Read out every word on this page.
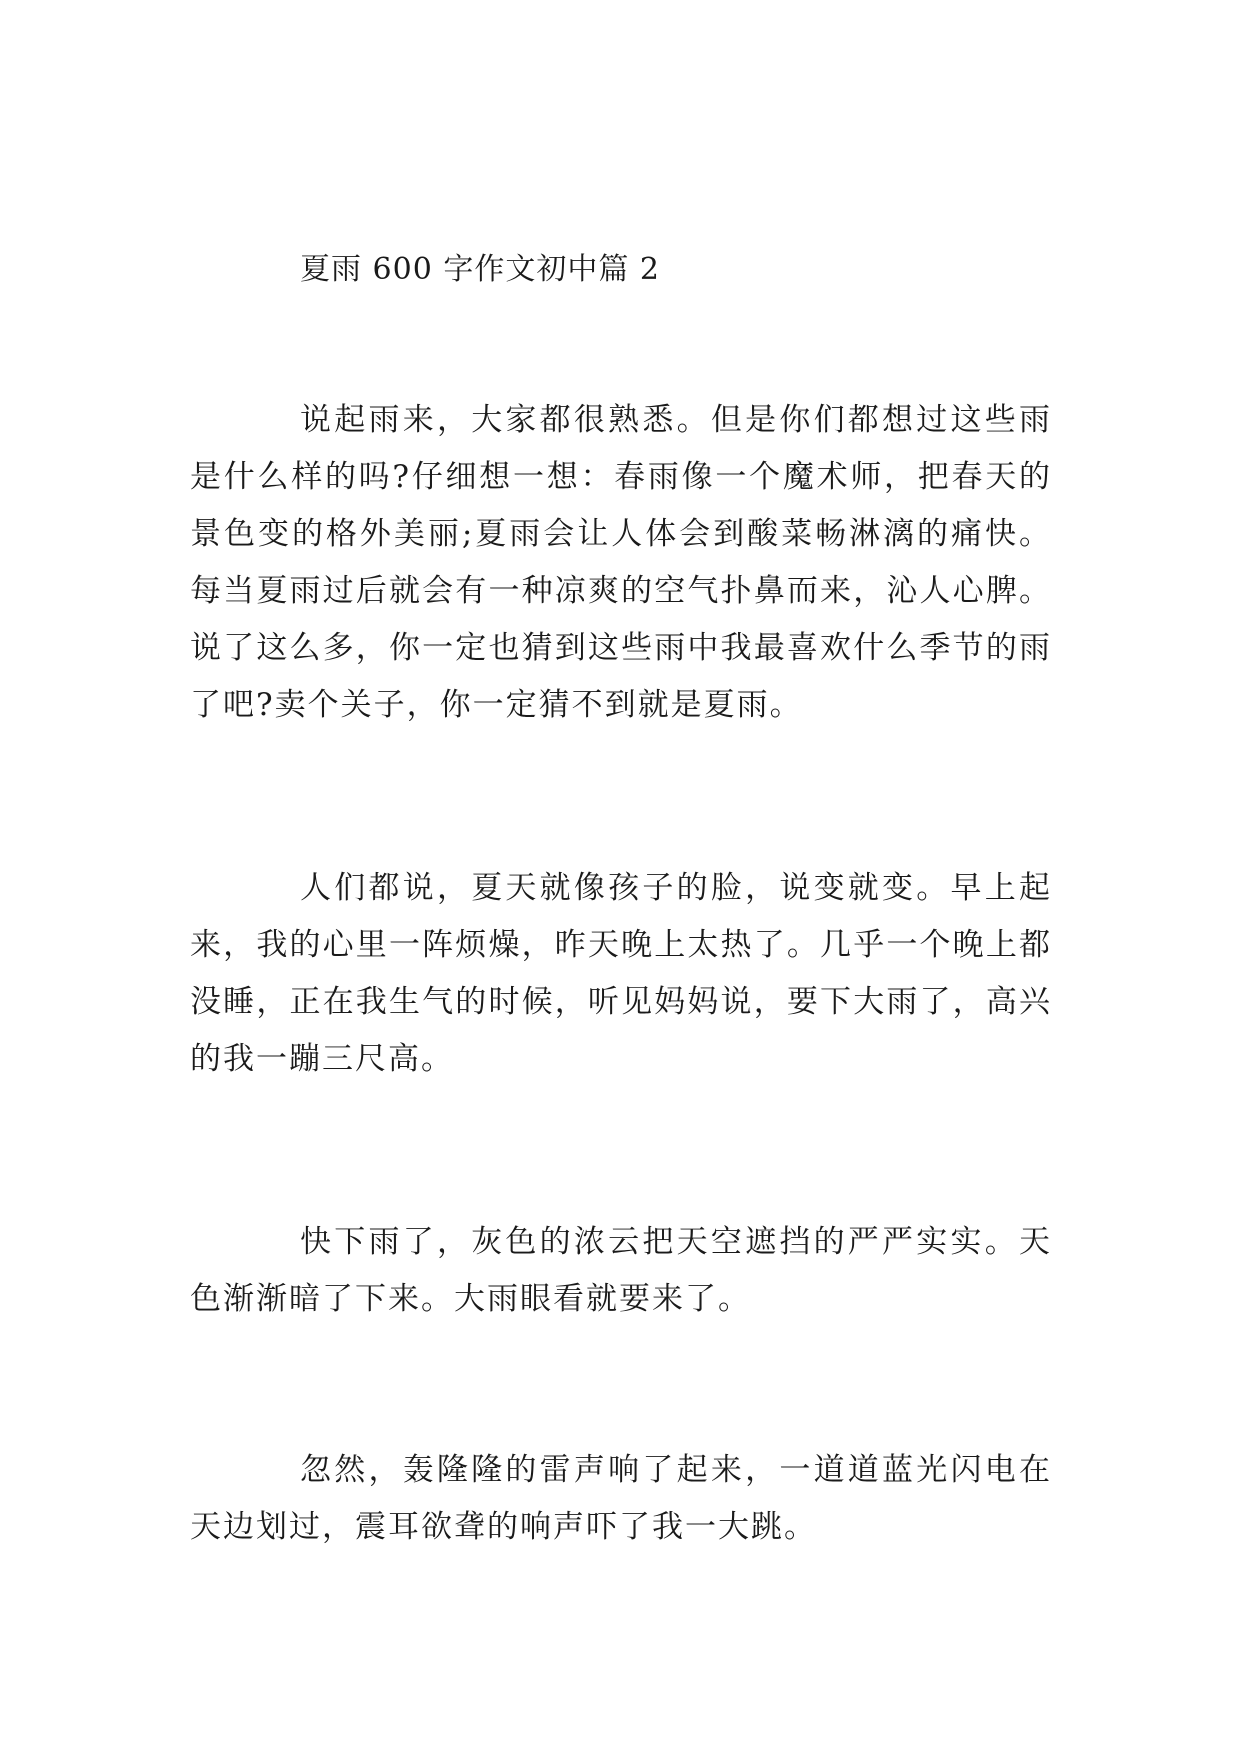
夏雨 600 字作文初中篇 2

说起雨来，大家都很熟悉。但是你们都想过这些雨是什么样的吗?仔细想一想：春雨像一个魔术师，把春天的景色变的格外美丽;夏雨会让人体会到酸菜畅淋漓的痛快。每当夏雨过后就会有一种凉爽的空气扑鼻而来，沁人心脾。说了这么多，你一定也猜到这些雨中我最喜欢什么季节的雨了吧?卖个关子，你一定猜不到就是夏雨。

人们都说，夏天就像孩子的脸，说变就变。早上起来，我的心里一阵烦燥，昨天晚上太热了。几乎一个晚上都没睡，正在我生气的时候，听见妈妈说，要下大雨了，高兴的我一蹦三尺高。

快下雨了，灰色的浓云把天空遮挡的严严实实。天色渐渐暗了下来。大雨眼看就要来了。

忽然，轰隆隆的雷声响了起来，一道道蓝光闪电在天边划过，震耳欲聋的响声吓了我一大跳。
